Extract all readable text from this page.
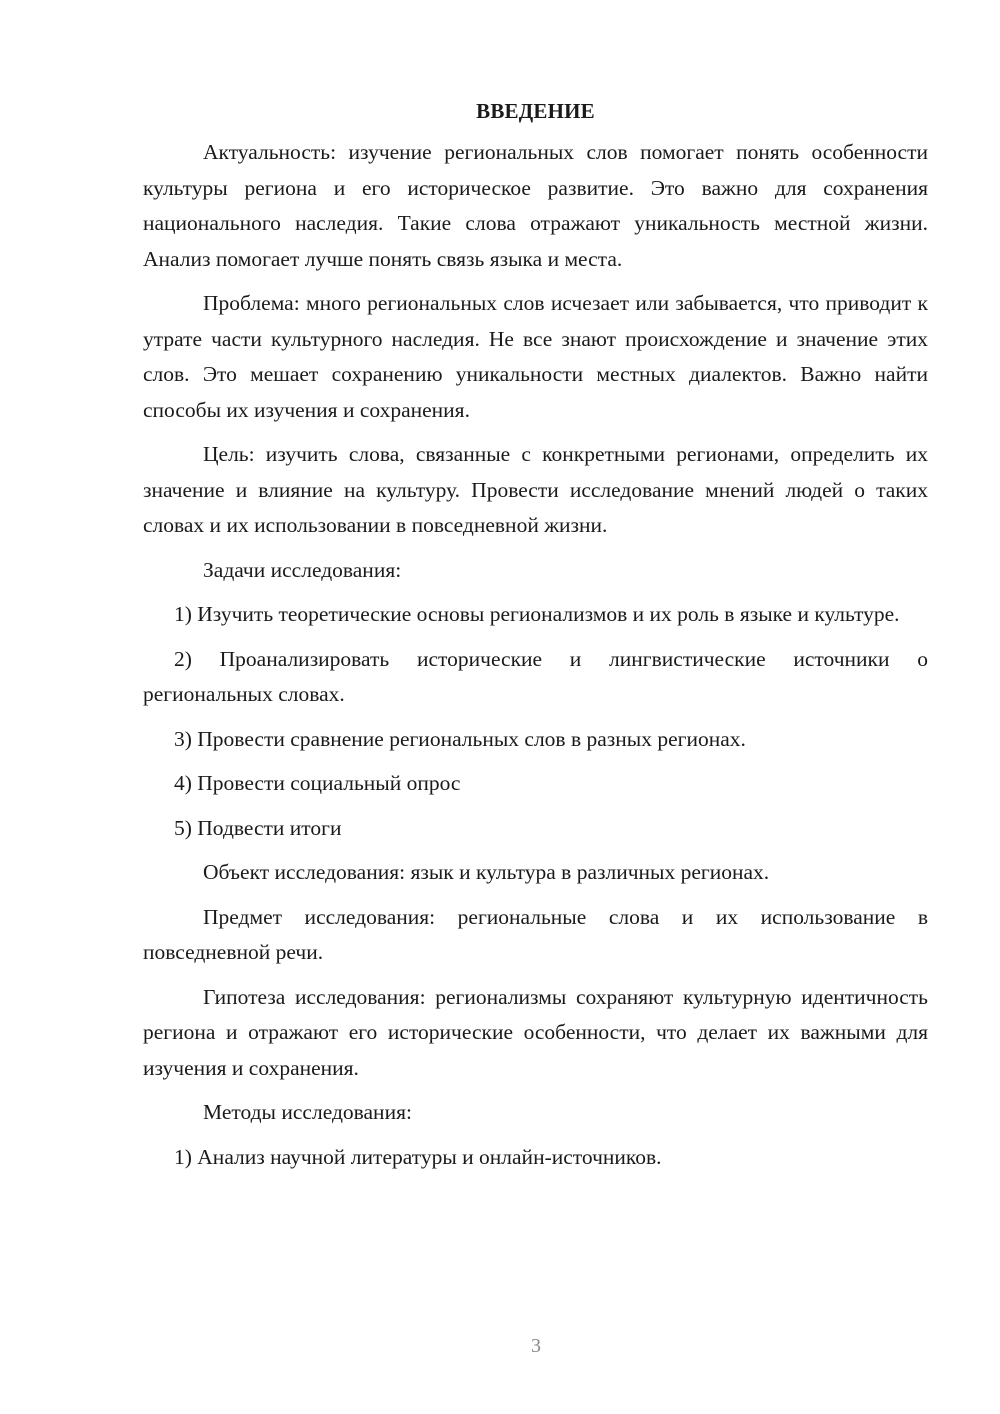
ВВЕДЕНИЕ

Актуальность: изучение региональных слов помогает понять особенности культуры региона и его историческое развитие. Это важно для сохранения национального наследия. Такие слова отражают уникальность местной жизни. Анализ помогает лучше понять связь языка и места.

Проблема: много региональных слов исчезает или забывается, что приводит к утрате части культурного наследия. Не все знают происхождение и значение этих слов. Это мешает сохранению уникальности местных диалектов. Важно найти способы их изучения и сохранения.

Цель: изучить слова, связанные с конкретными регионами, определить их значение и влияние на культуру. Провести исследование мнений людей о таких словах и их использовании в повседневной жизни.

Задачи исследования:

1) Изучить теоретические основы регионализмов и их роль в языке и культуре.

2) Проанализировать исторические и лингвистические источники о региональных словах.

3) Провести сравнение региональных слов в разных регионах.

4) Провести социальный опрос

5) Подвести итоги

Объект исследования: язык и культура в различных регионах.

Предмет исследования: региональные слова и их использование в повседневной речи.

Гипотеза исследования: регионализмы сохраняют культурную идентичность региона и отражают его исторические особенности, что делает их важными для изучения и сохранения.

Методы исследования:

1) Анализ научной литературы и онлайн-источников.

3
